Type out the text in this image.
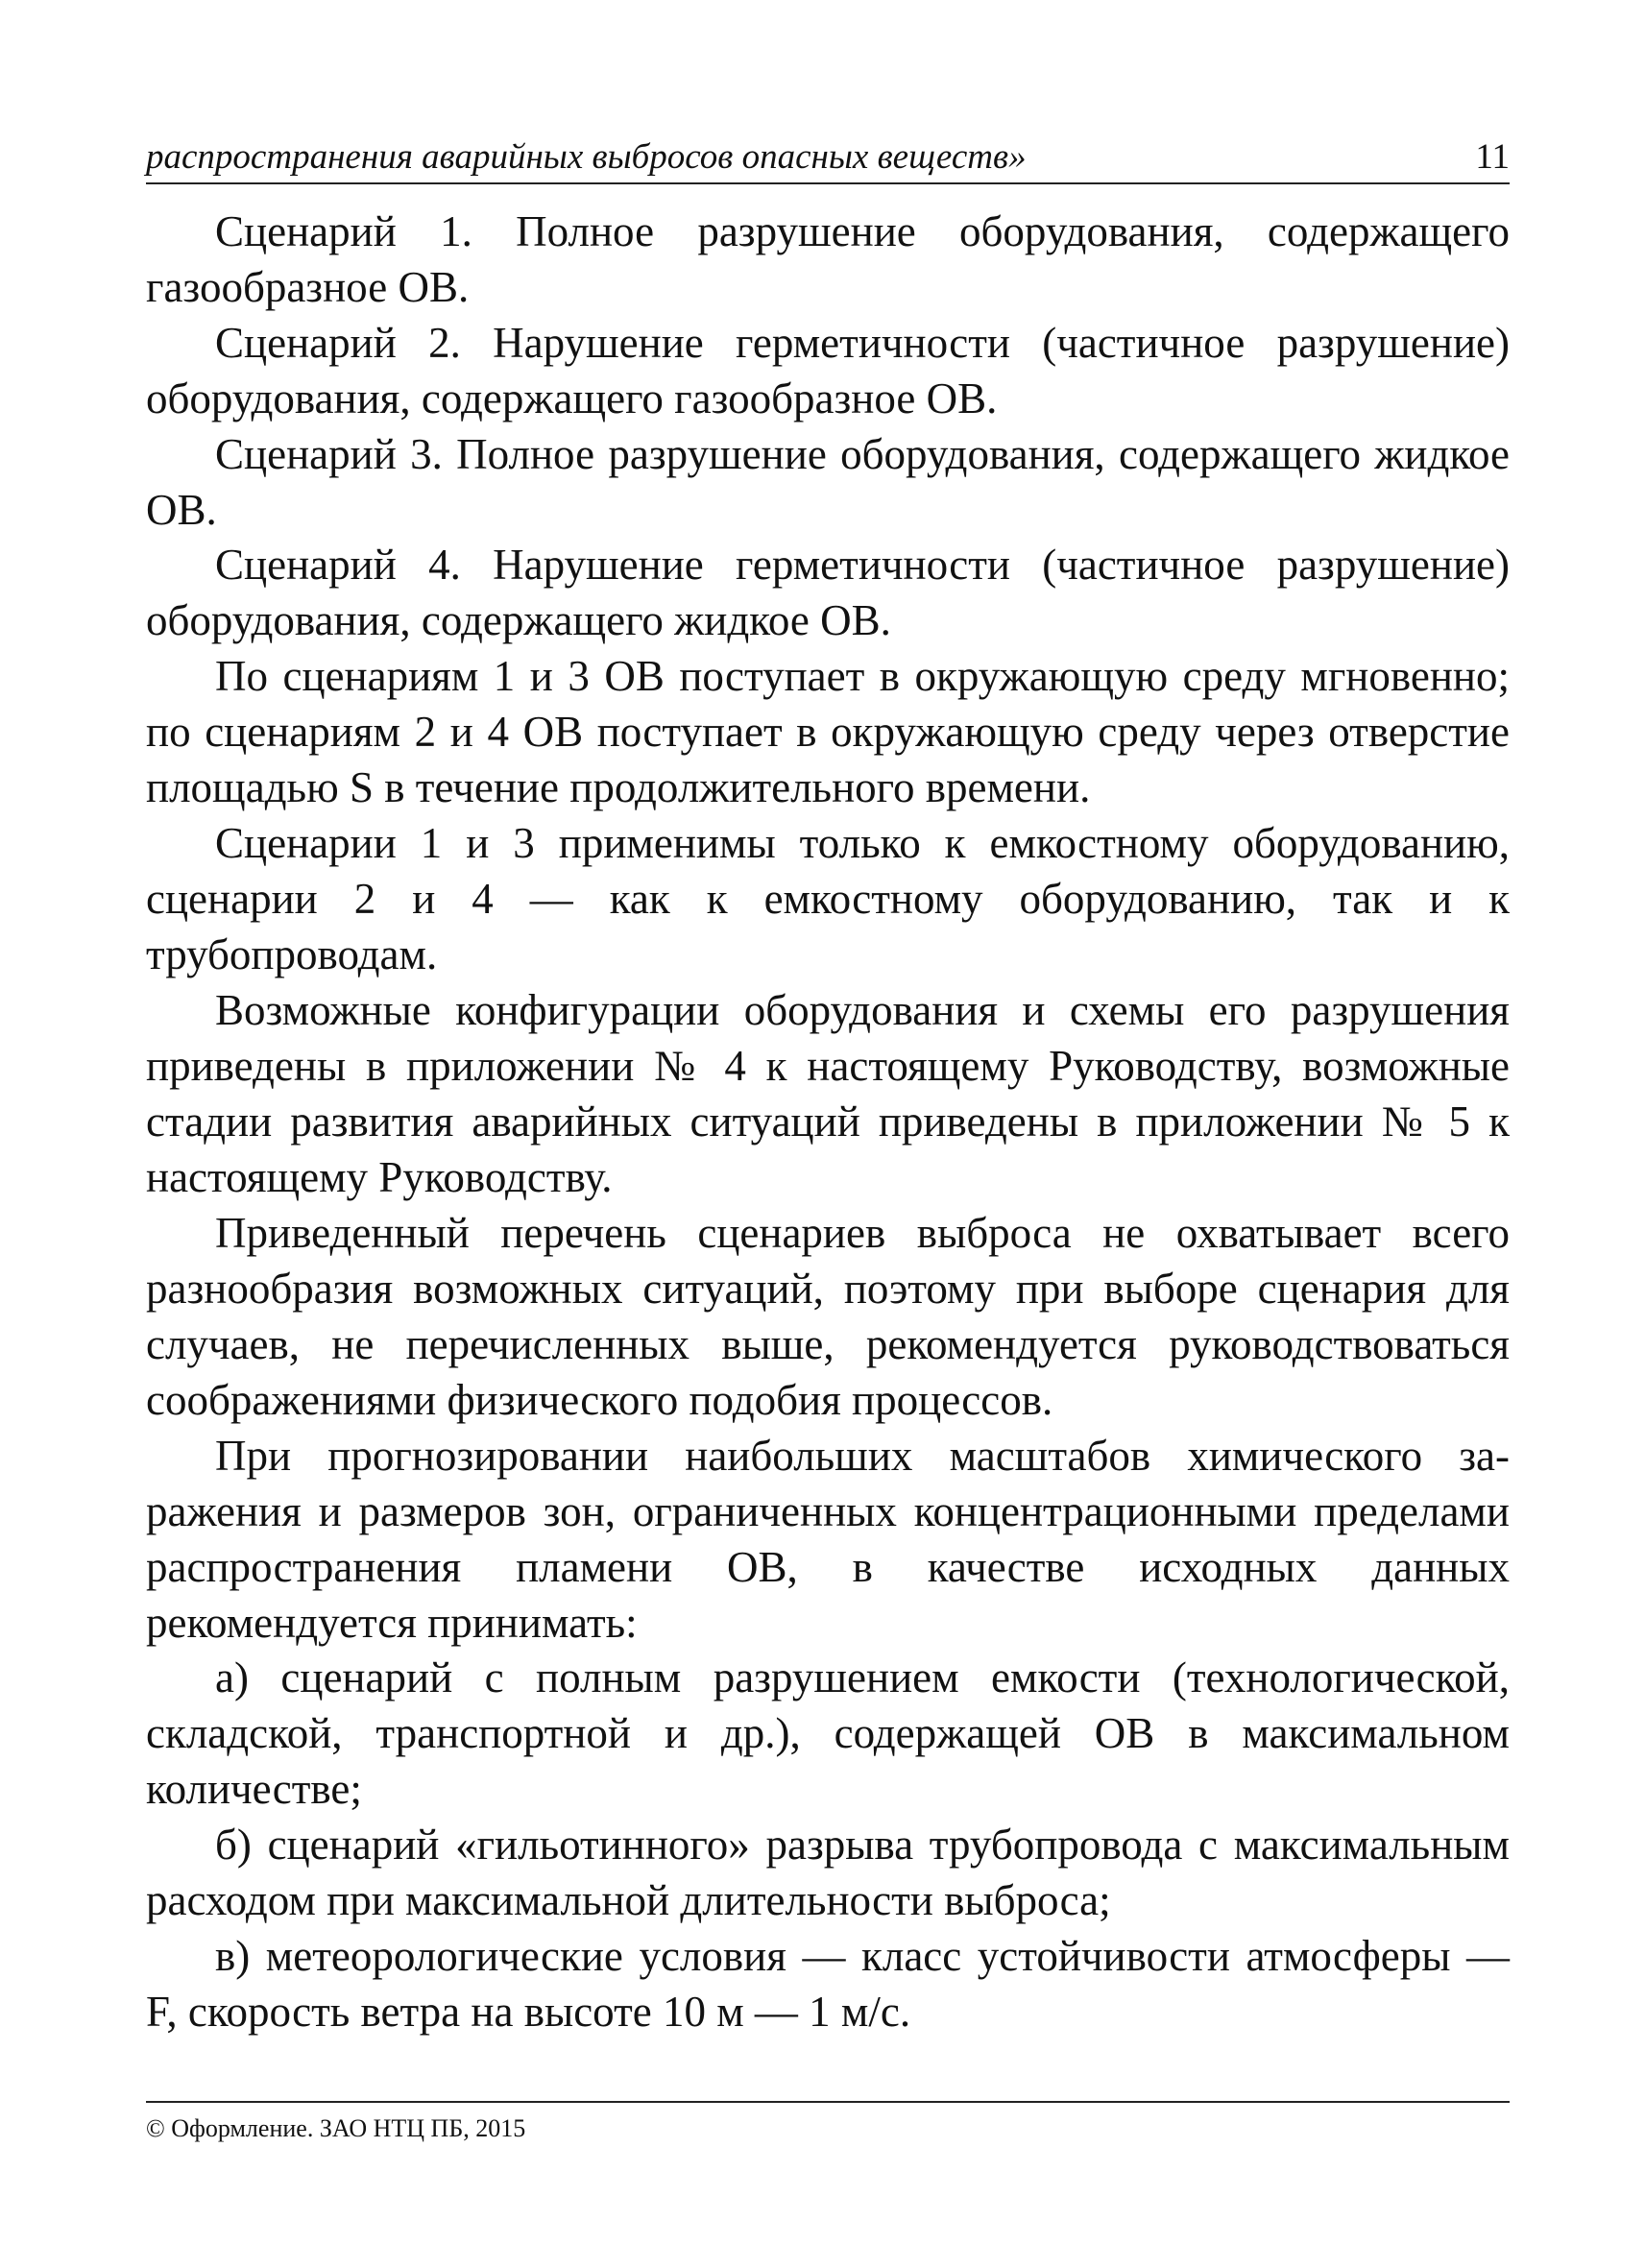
распространения аварийных выбросов опасных веществ»	11

Сценарий 1. Полное разрушение оборудования, содержащего газообразное ОВ.

Сценарий 2. Нарушение герметичности (частичное разрушение) оборудования, содержащего газообразное ОВ.

Сценарий 3. Полное разрушение оборудования, содержащего жидкое ОВ.

Сценарий 4. Нарушение герметичности (частичное разрушение) оборудования, содержащего жидкое ОВ.

По сценариям 1 и 3 ОВ поступает в окружающую среду мгновенно; по сценариям 2 и 4 ОВ поступает в окружающую среду через отверстие площадью S в течение продолжительного времени.

Сценарии 1 и 3 применимы только к емкостному оборудованию, сценарии 2 и 4 — как к емкостному оборудованию, так и к трубопроводам.

Возможные конфигурации оборудования и схемы его разрушения приведены в приложении № 4 к настоящему Руководству, возможные стадии развития аварийных ситуаций приведены в приложении № 5 к настоящему Руководству.

Приведенный перечень сценариев выброса не охватывает всего разнообразия возможных ситуаций, поэтому при выборе сценария для случаев, не перечисленных выше, рекомендуется руководствоваться соображениями физического подобия процессов.

При прогнозировании наибольших масштабов химического заражения и размеров зон, ограниченных концентрационными пределами распространения пламени ОВ, в качестве исходных данных рекомендуется принимать:

а) сценарий с полным разрушением емкости (технологической, складской, транспортной и др.), содержащей ОВ в максимальном количестве;

б) сценарий «гильотинного» разрыва трубопровода с максимальным расходом при максимальной длительности выброса;

в) метеорологические условия — класс устойчивости атмосферы — F, скорость ветра на высоте 10 м — 1 м/с.

© Оформление. ЗАО НТЦ ПБ, 2015
